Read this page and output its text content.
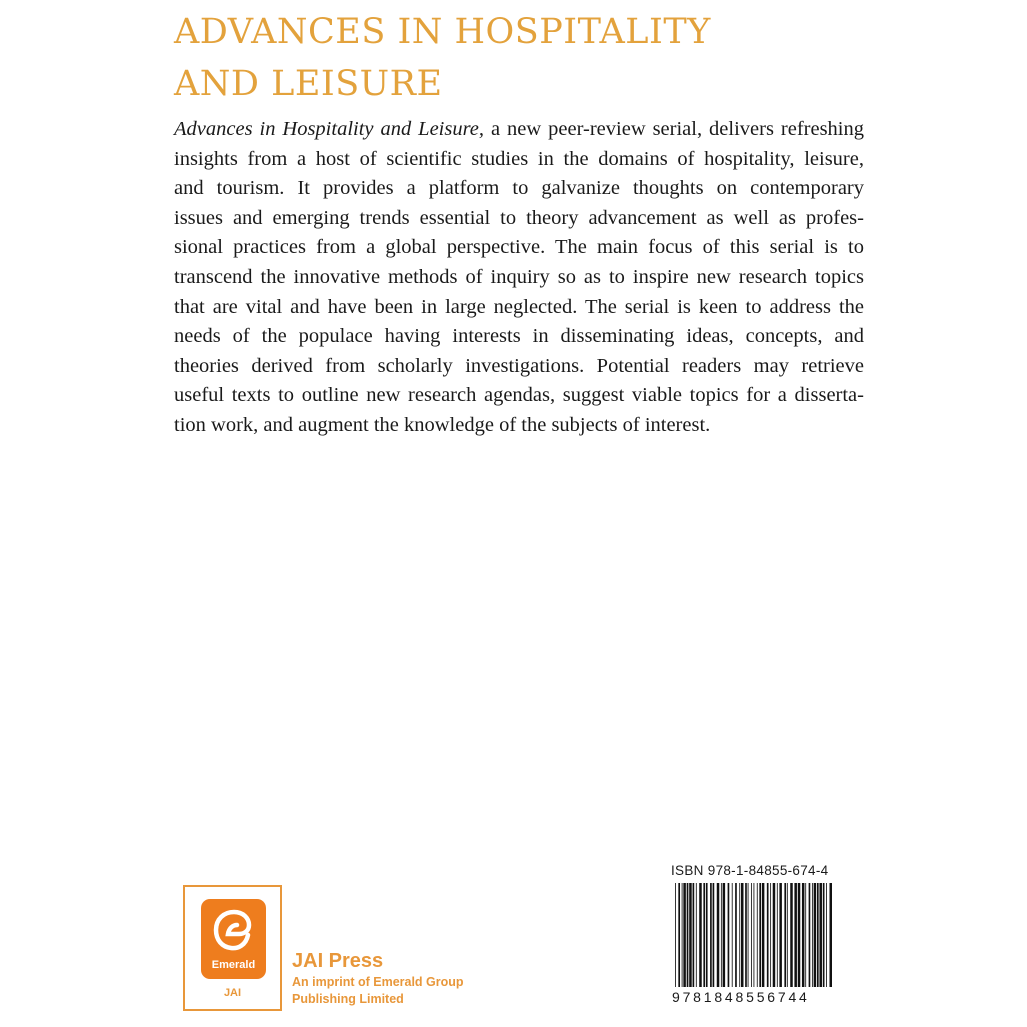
ADVANCES IN HOSPITALITY
AND LEISURE

Advances in Hospitality and Leisure, a new peer-review serial, delivers refreshing
insights from a host of scientific studies in the domains of hospitality, leisure,
and tourism. It provides a platform to galvanize thoughts on contemporary
issues and emerging trends essential to theory advancement as well as profes-
sional practices from a global perspective. The main focus of this serial is to
transcend the innovative methods of inquiry so as to inspire new research topics
that are vital and have been in large neglected. The serial is keen to address the
needs of the populace having interests in disseminating ideas, concepts, and
theories derived from scholarly investigations. Potential readers may retrieve
useful texts to outline new research agendas, suggest viable topics for a disserta-
tion work, and augment the knowledge of the subjects of interest.

Emerald
JAI
JAI Press
An imprint of Emerald Group
Publishing Limited
ISBN 978-1-84855-674-4
9781848556744
